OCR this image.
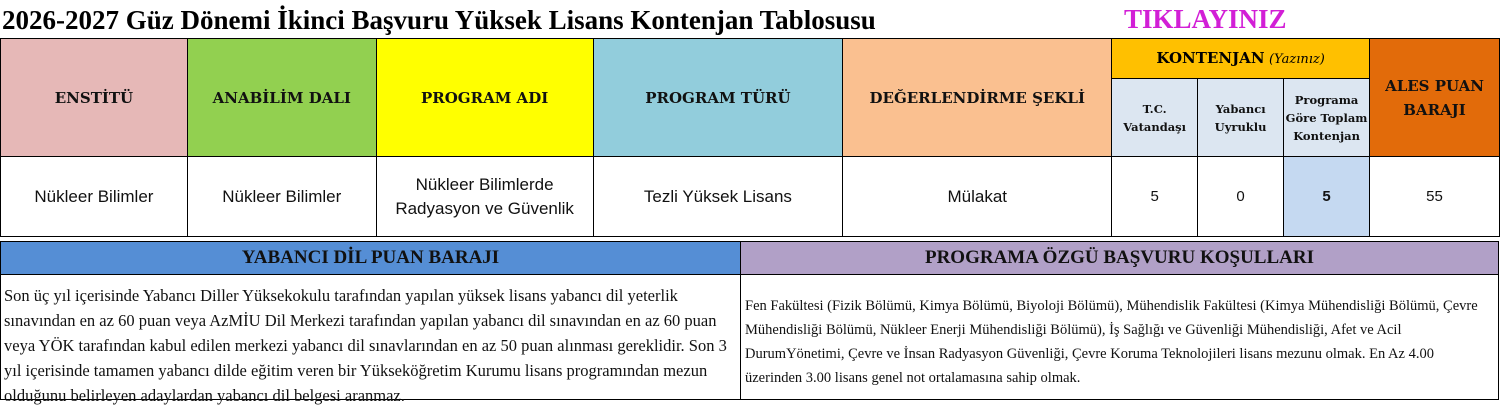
2026-2027 Güz Dönemi İkinci Başvuru Yüksek Lisans Kontenjan Tablosusu	TIKLAYINIZ
ENSTİTÜ	ANABİLİM DALI	PROGRAM ADI	PROGRAM TÜRÜ	DEĞERLENDİRME ŞEKLİ	KONTENJAN (Yazınız)			ALES PUAN BARAJI
					T.C. Vatandaşı	Yabancı Uyruklu	Programa Göre Toplam Kontenjan	
Nükleer Bilimler	Nükleer Bilimler	Nükleer Bilimlerde Radyasyon ve Güvenlik	Tezli Yüksek Lisans	Mülakat	5	0	5	55
YABANCI DİL PUAN BARAJI	PROGRAMA ÖZGÜ BAŞVURU KOŞULLARI
Son üç yıl içerisinde Yabancı Diller Yüksekokulu tarafından yapılan yüksek lisans yabancı dil yeterlik sınavından en az 60 puan veya AzMİU Dil Merkezi tarafından yapılan yabancı dil sınavından en az 60 puan veya YÖK tarafından kabul edilen merkezi yabancı dil sınavlarından en az 50 puan alınması gereklidir. Son 3 yıl içerisinde tamamen yabancı dilde eğitim veren bir Yükseköğretim Kurumu lisans programından mezun olduğunu belirleyen adaylardan yabancı dil belgesi aranmaz.
Fen Fakültesi (Fizik Bölümü, Kimya Bölümü, Biyoloji Bölümü), Mühendislik Fakültesi (Kimya Mühendisliği Bölümü, Çevre Mühendisliği Bölümü, Nükleer Enerji Mühendisliği Bölümü), İş Sağlığı ve Güvenliği Mühendisliği, Afet ve Acil DurumYönetimi, Çevre ve İnsan Radyasyon Güvenliği, Çevre Koruma Teknolojileri lisans mezunu olmak. En Az 4.00 üzerinden 3.00 lisans genel not ortalamasına sahip olmak.
